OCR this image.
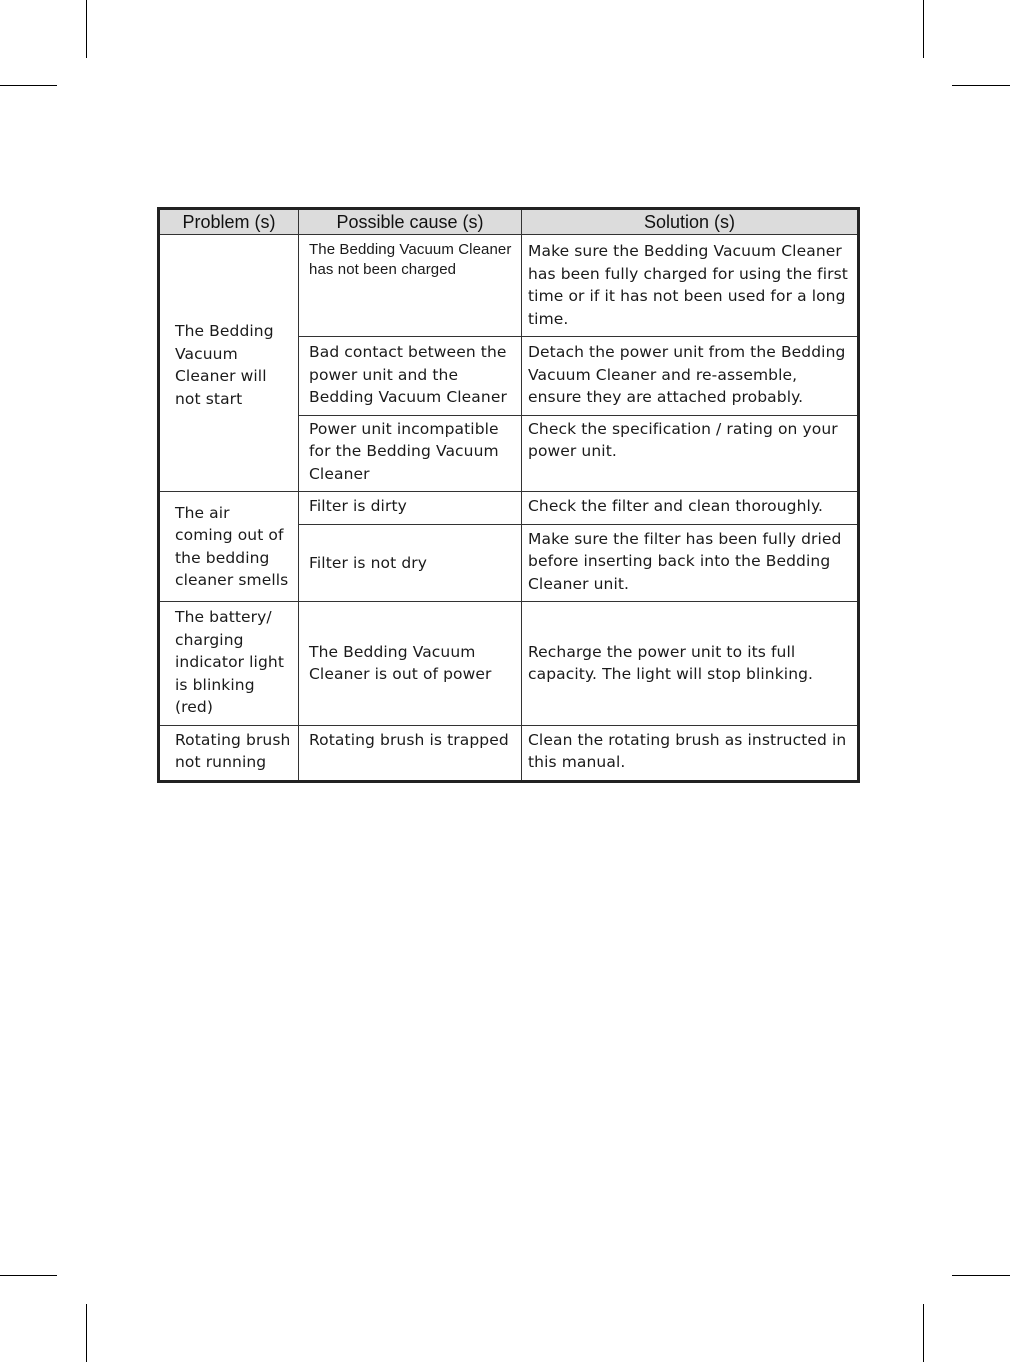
Problem (s)	Possible cause (s)	Solution (s)
The Bedding Vacuum Cleaner will not start	The Bedding Vacuum Cleaner has not been charged	Make sure the Bedding Vacuum Cleaner has been fully charged for using the first time or if it has not been used for a long time.
	Bad contact between the power unit and the Bedding Vacuum Cleaner	Detach the power unit from the Bedding Vacuum Cleaner and re-assemble, ensure they are attached probably.
	Power unit incompatible for the Bedding Vacuum Cleaner	Check the specification / rating on your power unit.
The air coming out of the bedding cleaner smells	Filter is dirty	Check the filter and clean thoroughly.
	Filter is not dry	Make sure the filter has been fully dried before inserting back into the Bedding Cleaner unit.
The battery/ charging indicator light is blinking (red)	The Bedding Vacuum Cleaner is out of power	Recharge the power unit to its full capacity. The light will stop blinking.
Rotating brush not running	Rotating brush is trapped	Clean the rotating brush as instructed in this manual.
